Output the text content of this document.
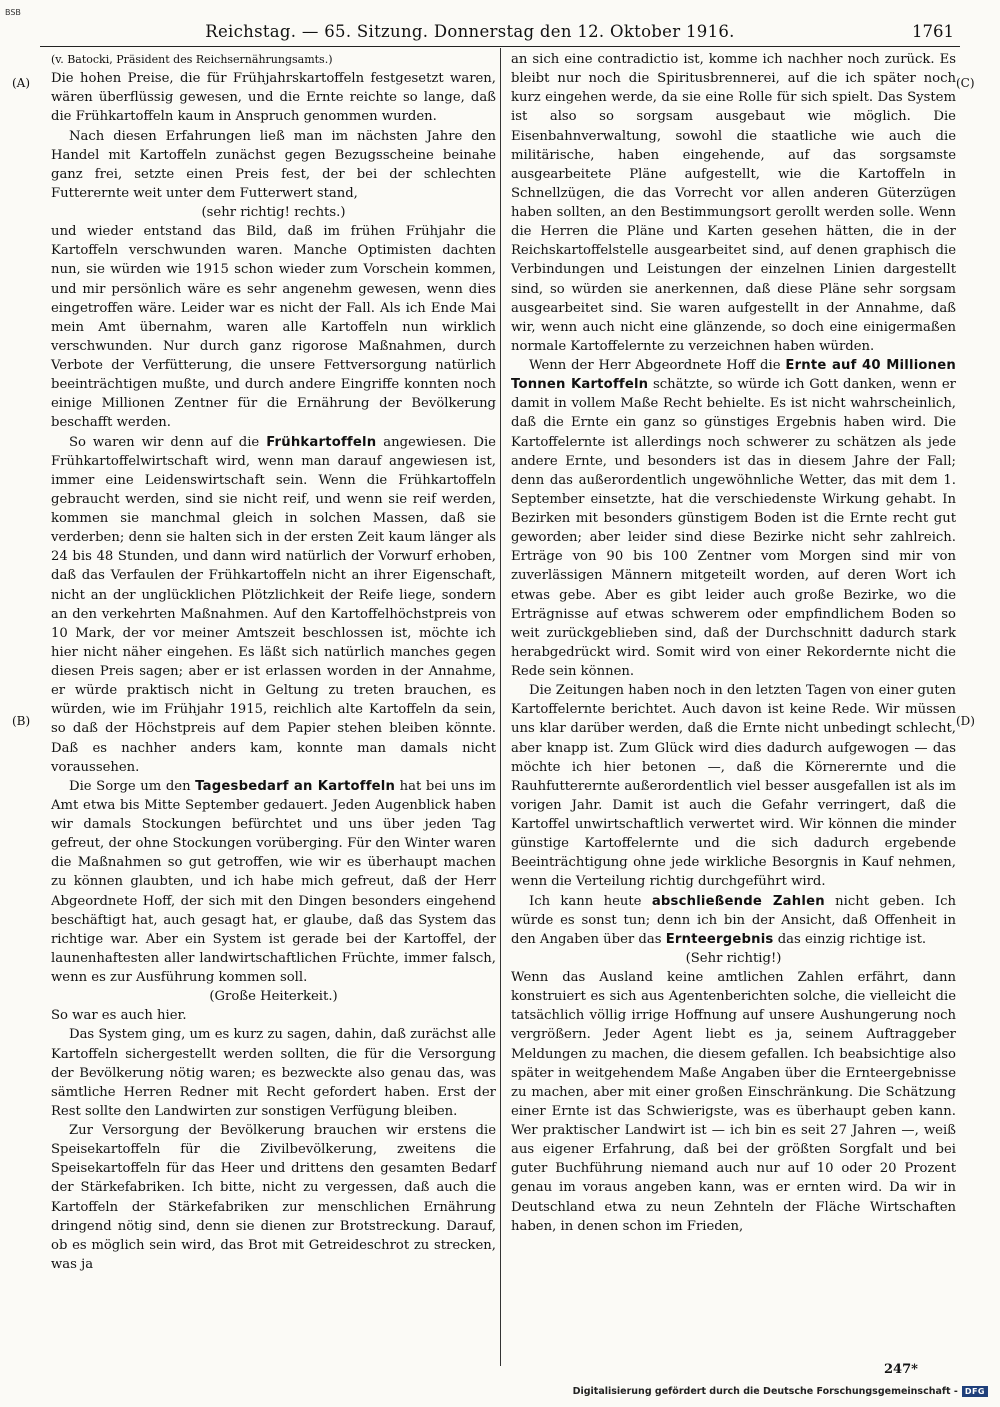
BSB
Reichstag. — 65. Sitzung. Donnerstag den 12. Oktober 1916.	1761
(A)
(B)
(C)
(D)

(v. Batocki, Präsident des Reichsernährungsamts.)

Die hohen Preise, die für Frühjahrskartoffeln festgesetzt waren, wären überflüssig gewesen, und die Ernte reichte so lange, daß die Frühkartoffeln kaum in Anspruch genommen wurden.

Nach diesen Erfahrungen ließ man im nächsten Jahre den Handel mit Kartoffeln zunächst gegen Bezugsscheine beinahe ganz frei, setzte einen Preis fest, der bei der schlechten Futterernte weit unter dem Futterwert stand,

(sehr richtig! rechts.)

und wieder entstand das Bild, daß im frühen Frühjahr die Kartoffeln verschwunden waren. Manche Optimisten dachten nun, sie würden wie 1915 schon wieder zum Vorschein kommen, und mir persönlich wäre es sehr angenehm gewesen, wenn dies eingetroffen wäre. Leider war es nicht der Fall. Als ich Ende Mai mein Amt übernahm, waren alle Kartoffeln nun wirklich verschwunden. Nur durch ganz rigorose Maßnahmen, durch Verbote der Verfütterung, die unsere Fettversorgung natürlich beeinträchtigen mußte, und durch andere Eingriffe konnten noch einige Millionen Zentner für die Ernährung der Bevölkerung beschafft werden.

So waren wir denn auf die Frühkartoffeln angewiesen. Die Frühkartoffelwirtschaft wird, wenn man darauf angewiesen ist, immer eine Leidenswirtschaft sein. Wenn die Frühkartoffeln gebraucht werden, sind sie nicht reif, und wenn sie reif werden, kommen sie manchmal gleich in solchen Massen, daß sie verderben; denn sie halten sich in der ersten Zeit kaum länger als 24 bis 48 Stunden, und dann wird natürlich der Vorwurf erhoben, daß das Verfaulen der Frühkartoffeln nicht an ihrer Eigenschaft, nicht an der unglücklichen Plötzlichkeit der Reife liege, sondern an den verkehrten Maßnahmen. Auf den Kartoffelhöchstpreis von 10 Mark, der vor meiner Amtszeit beschlossen ist, möchte ich hier nicht näher eingehen. Es läßt sich natürlich manches gegen diesen Preis sagen; aber er ist erlassen worden in der Annahme, er würde praktisch nicht in Geltung zu treten brauchen, es würden, wie im Frühjahr 1915, reichlich alte Kartoffeln da sein, so daß der Höchstpreis auf dem Papier stehen bleiben könnte. Daß es nachher anders kam, konnte man damals nicht voraussehen.

Die Sorge um den Tagesbedarf an Kartoffeln hat bei uns im Amt etwa bis Mitte September gedauert. Jeden Augenblick haben wir damals Stockungen befürchtet und uns über jeden Tag gefreut, der ohne Stockungen vorüberging. Für den Winter waren die Maßnahmen so gut getroffen, wie wir es überhaupt machen zu können glaubten, und ich habe mich gefreut, daß der Herr Abgeordnete Hoff, der sich mit den Dingen besonders eingehend beschäftigt hat, auch gesagt hat, er glaube, daß das System das richtige war. Aber ein System ist gerade bei der Kartoffel, der launenhaftesten aller landwirtschaftlichen Früchte, immer falsch, wenn es zur Ausführung kommen soll.

(Große Heiterkeit.)

So war es auch hier.

Das System ging, um es kurz zu sagen, dahin, daß zurächst alle Kartoffeln sichergestellt werden sollten, die für die Versorgung der Bevölkerung nötig waren; es bezweckte also genau das, was sämtliche Herren Redner mit Recht gefordert haben. Erst der Rest sollte den Landwirten zur sonstigen Verfügung bleiben.

Zur Versorgung der Bevölkerung brauchen wir erstens die Speisekartoffeln für die Zivilbevölkerung, zweitens die Speisekartoffeln für das Heer und drittens den gesamten Bedarf der Stärkefabriken. Ich bitte, nicht zu vergessen, daß auch die Kartoffeln der Stärkefabriken zur menschlichen Ernährung dringend nötig sind, denn sie dienen zur Brotstreckung. Darauf, ob es möglich sein wird, das Brot mit Getreideschrot zu strecken, was ja

an sich eine contradictio ist, komme ich nachher noch zurück. Es bleibt nur noch die Spiritusbrennerei, auf die ich später noch kurz eingehen werde, da sie eine Rolle für sich spielt. Das System ist also so sorgsam ausgebaut wie möglich. Die Eisenbahnverwaltung, sowohl die staatliche wie auch die militärische, haben eingehende, auf das sorgsamste ausgearbeitete Pläne aufgestellt, wie die Kartoffeln in Schnellzügen, die das Vorrecht vor allen anderen Güterzügen haben sollten, an den Bestimmungsort gerollt werden solle. Wenn die Herren die Pläne und Karten gesehen hätten, die in der Reichskartoffelstelle ausgearbeitet sind, auf denen graphisch die Verbindungen und Leistungen der einzelnen Linien dargestellt sind, so würden sie anerkennen, daß diese Pläne sehr sorgsam ausgearbeitet sind. Sie waren aufgestellt in der Annahme, daß wir, wenn auch nicht eine glänzende, so doch eine einigermaßen normale Kartoffelernte zu verzeichnen haben würden.

Wenn der Herr Abgeordnete Hoff die Ernte auf 40 Millionen Tonnen Kartoffeln schätzte, so würde ich Gott danken, wenn er damit in vollem Maße Recht behielte. Es ist nicht wahrscheinlich, daß die Ernte ein ganz so günstiges Ergebnis haben wird. Die Kartoffelernte ist allerdings noch schwerer zu schätzen als jede andere Ernte, und besonders ist das in diesem Jahre der Fall; denn das außerordentlich ungewöhnliche Wetter, das mit dem 1. September einsetzte, hat die verschiedenste Wirkung gehabt. In Bezirken mit besonders günstigem Boden ist die Ernte recht gut geworden; aber leider sind diese Bezirke nicht sehr zahlreich. Erträge von 90 bis 100 Zentner vom Morgen sind mir von zuverlässigen Männern mitgeteilt worden, auf deren Wort ich etwas gebe. Aber es gibt leider auch große Bezirke, wo die Erträgnisse auf etwas schwerem oder empfindlichem Boden so weit zurückgeblieben sind, daß der Durchschnitt dadurch stark herabgedrückt wird. Somit wird von einer Rekordernte nicht die Rede sein können.

Die Zeitungen haben noch in den letzten Tagen von einer guten Kartoffelernte berichtet. Auch davon ist keine Rede. Wir müssen uns klar darüber werden, daß die Ernte nicht unbedingt schlecht, aber knapp ist. Zum Glück wird dies dadurch aufgewogen — das möchte ich hier betonen —, daß die Körnerernte und die Rauhfutterernte außerordentlich viel besser ausgefallen ist als im vorigen Jahr. Damit ist auch die Gefahr verringert, daß die Kartoffel unwirtschaftlich verwertet wird. Wir können die minder günstige Kartoffelernte und die sich dadurch ergebende Beeinträchtigung ohne jede wirkliche Besorgnis in Kauf nehmen, wenn die Verteilung richtig durchgeführt wird.

Ich kann heute abschließende Zahlen nicht geben. Ich würde es sonst tun; denn ich bin der Ansicht, daß Offenheit in den Angaben über das Ernteergebnis das einzig richtige ist.

(Sehr richtig!)

Wenn das Ausland keine amtlichen Zahlen erfährt, dann konstruiert es sich aus Agentenberichten solche, die vielleicht die tatsächlich völlig irrige Hoffnung auf unsere Aushungerung noch vergrößern. Jeder Agent liebt es ja, seinem Auftraggeber Meldungen zu machen, die diesem gefallen. Ich beabsichtige also später in weitgehendem Maße Angaben über die Ernteergebnisse zu machen, aber mit einer großen Einschränkung. Die Schätzung einer Ernte ist das Schwierigste, was es überhaupt geben kann. Wer praktischer Landwirt ist — ich bin es seit 27 Jahren —, weiß aus eigener Erfahrung, daß bei der größten Sorgfalt und bei guter Buchführung niemand auch nur auf 10 oder 20 Prozent genau im voraus angeben kann, was er ernten wird. Da wir in Deutschland etwa zu neun Zehnteln der Fläche Wirtschaften haben, in denen schon im Frieden,

247*
Digitalisierung gefördert durch die Deutsche Forschungsgemeinschaft - DFG
